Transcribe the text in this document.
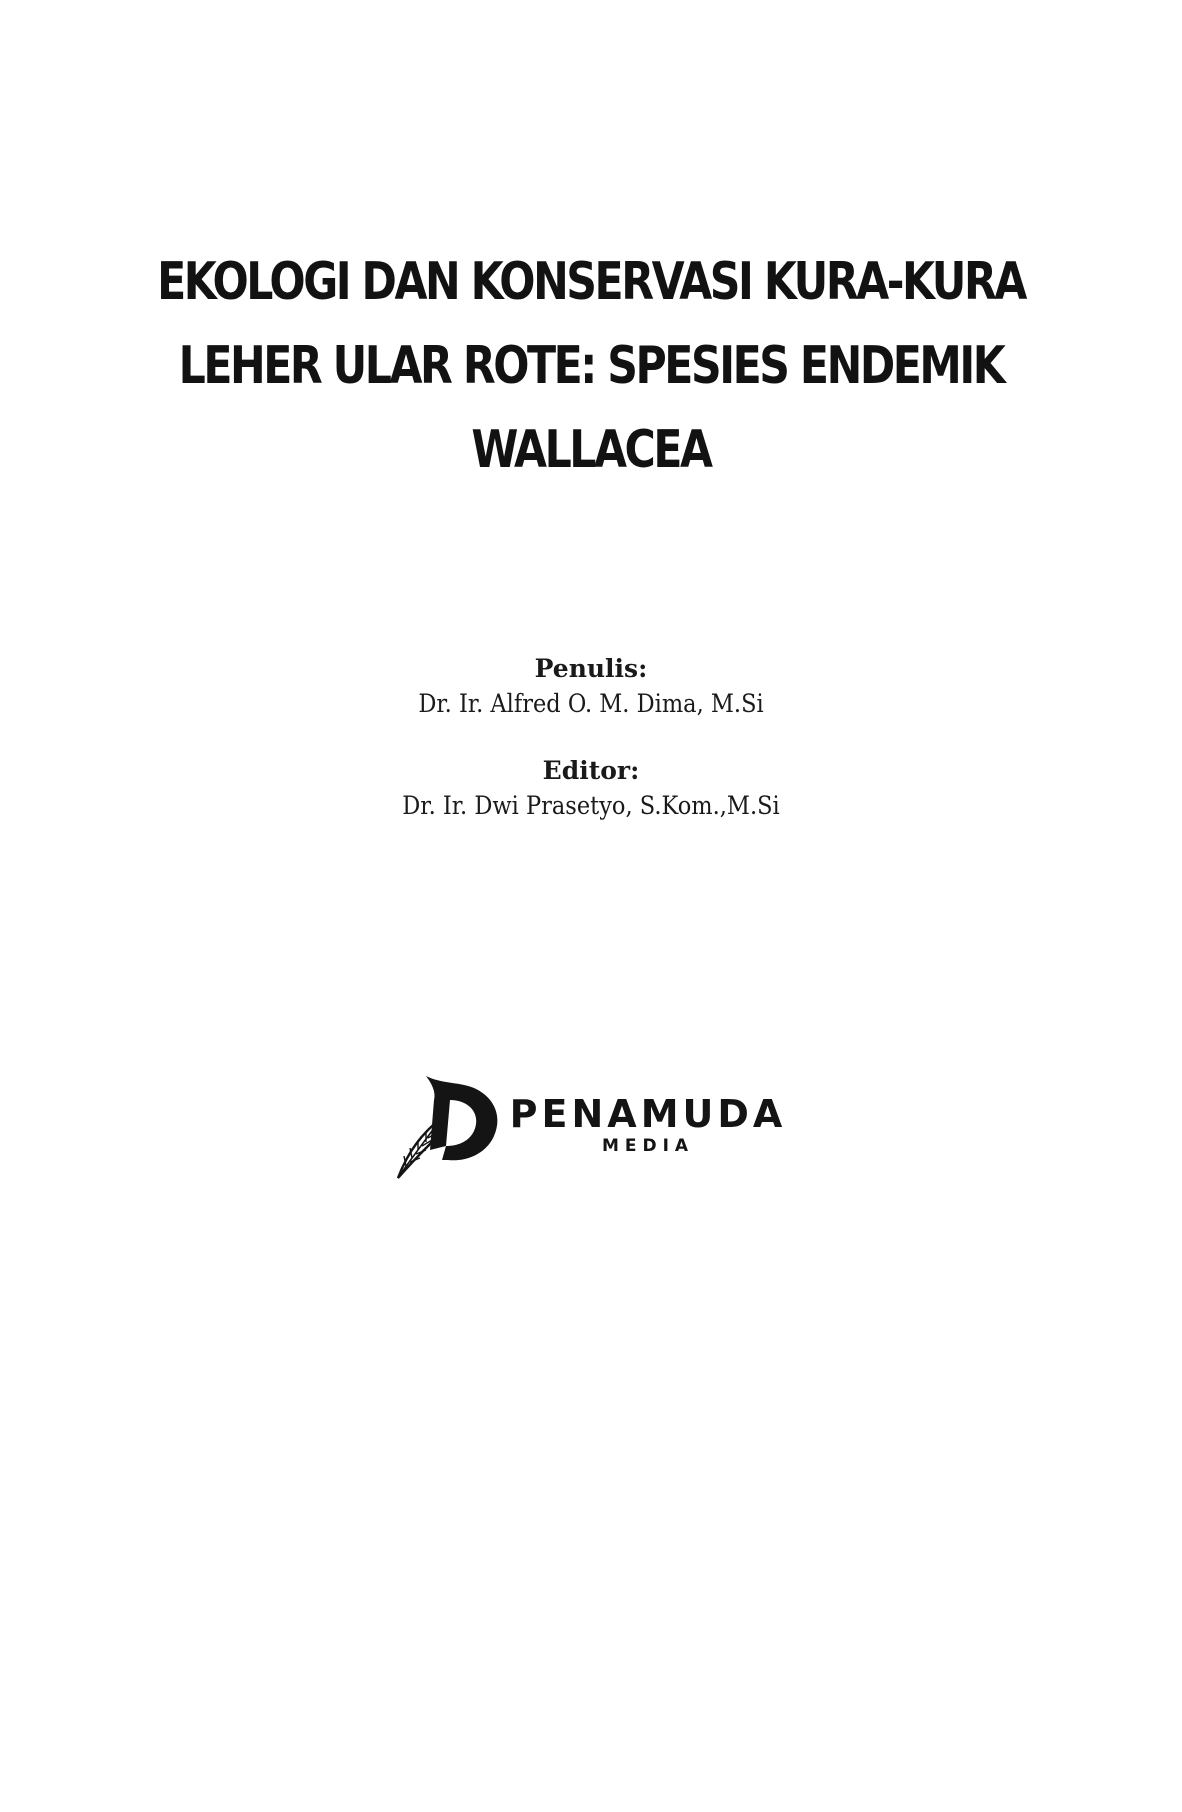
EKOLOGI DAN KONSERVASI KURA-KURA
LEHER ULAR ROTE: SPESIES ENDEMIK
WALLACEA
Penulis:
Dr. Ir. Alfred O. M. Dima, M.Si
Editor:
Dr. Ir. Dwi Prasetyo, S.Kom.,M.Si
PENAMUDA
MEDIA
